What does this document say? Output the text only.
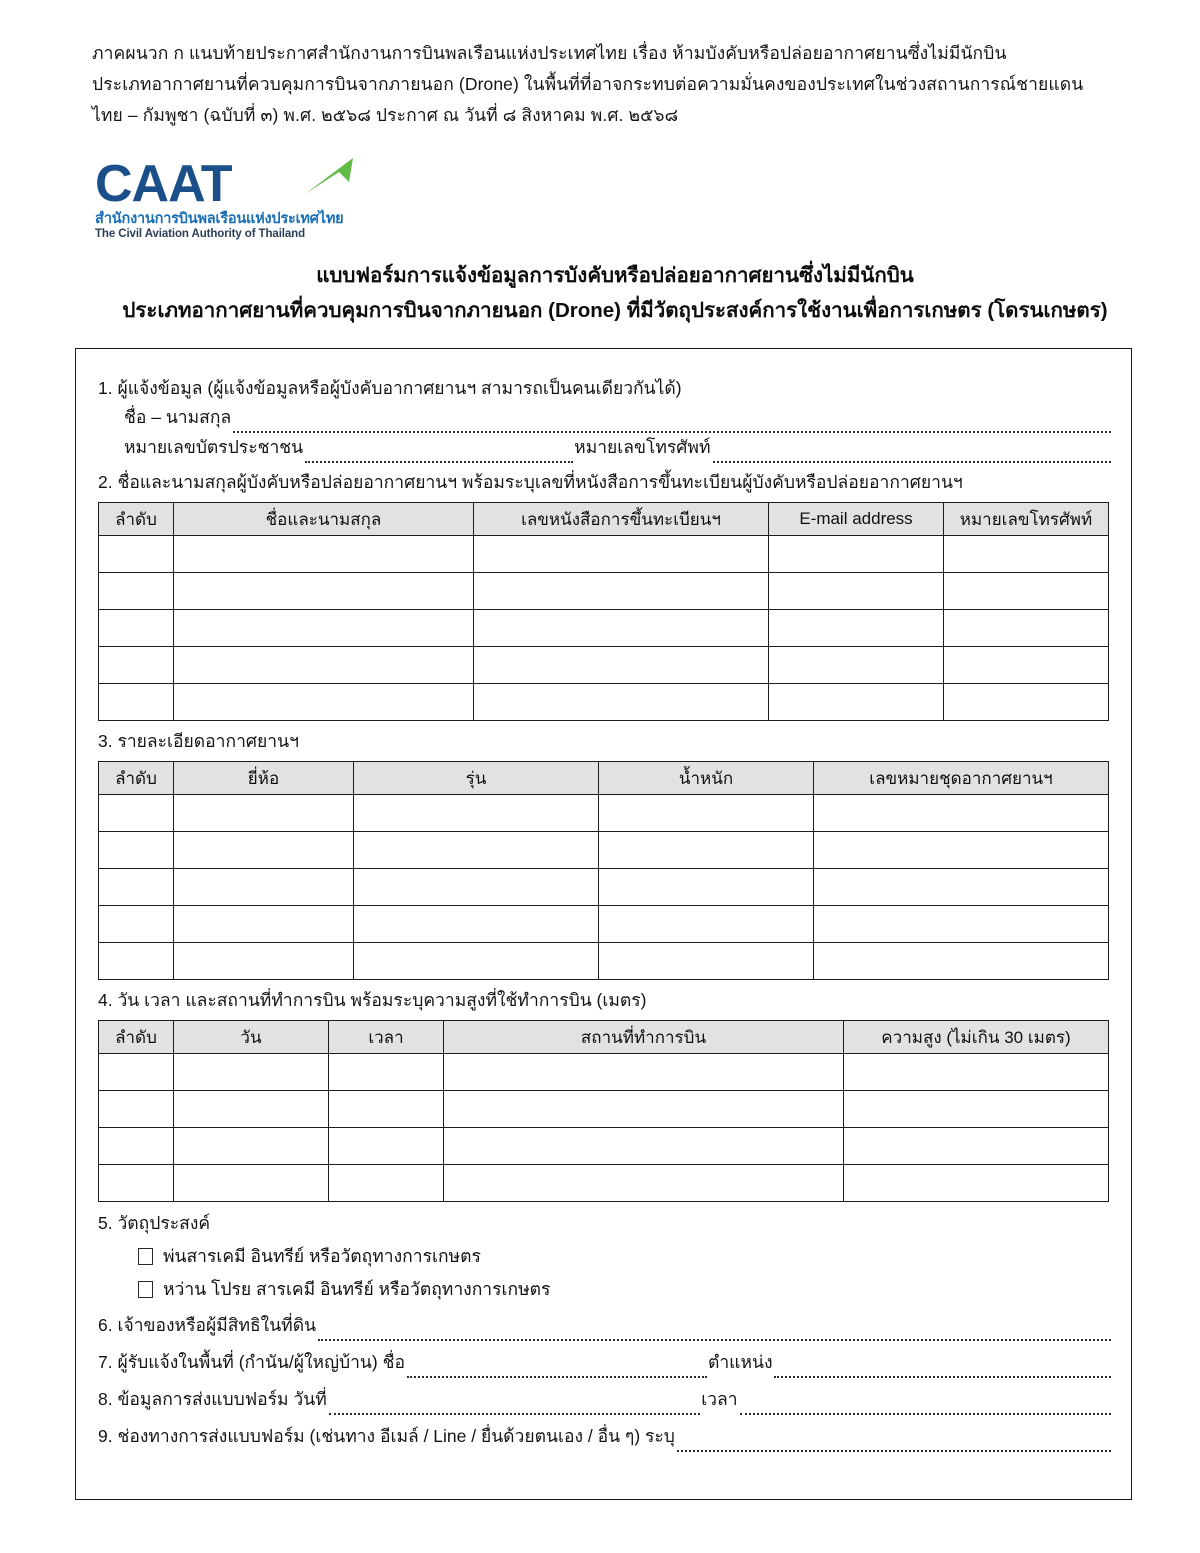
ภาคผนวก ก แนบท้ายประกาศสำนักงานการบินพลเรือนแห่งประเทศไทย เรื่อง ห้ามบังคับหรือปล่อยอากาศยานซึ่งไม่มีนักบิน

ประเภทอากาศยานที่ควบคุมการบินจากภายนอก (Drone) ในพื้นที่ที่อาจกระทบต่อความมั่นคงของประเทศในช่วงสถานการณ์ชายแดน

ไทย – กัมพูชา (ฉบับที่ ๓) พ.ศ. ๒๕๖๘ ประกาศ ณ วันที่ ๘ สิงหาคม พ.ศ. ๒๕๖๘

CAAT
สำนักงานการบินพลเรือนแห่งประเทศไทย
The Civil Aviation Authority of Thailand
แบบฟอร์มการแจ้งข้อมูลการบังคับหรือปล่อยอากาศยานซึ่งไม่มีนักบิน
ประเภทอากาศยานที่ควบคุมการบินจากภายนอก (Drone) ที่มีวัตถุประสงค์การใช้งานเพื่อการเกษตร (โดรนเกษตร)
1. ผู้แจ้งข้อมูล (ผู้แจ้งข้อมูลหรือผู้บังคับอากาศยานฯ สามารถเป็นคนเดียวกันได้)
ชื่อ – นามสกุล
หมายเลขบัตรประชาชน	หมายเลขโทรศัพท์
2. ชื่อและนามสกุลผู้บังคับหรือปล่อยอากาศยานฯ พร้อมระบุเลขที่หนังสือการขึ้นทะเบียนผู้บังคับหรือปล่อยอากาศยานฯ
ลำดับ	ชื่อและนามสกุล	เลขหนังสือการขึ้นทะเบียนฯ	E-mail address	หมายเลขโทรศัพท์

3. รายละเอียดอากาศยานฯ
ลำดับ	ยี่ห้อ	รุ่น	น้ำหนัก	เลขหมายชุดอากาศยานฯ

4. วัน เวลา และสถานที่ทำการบิน พร้อมระบุความสูงที่ใช้ทำการบิน (เมตร)
ลำดับ	วัน	เวลา	สถานที่ทำการบิน	ความสูง (ไม่เกิน 30 เมตร)

5. วัตถุประสงค์
พ่นสารเคมี อินทรีย์ หรือวัตถุทางการเกษตร
หว่าน โปรย สารเคมี อินทรีย์ หรือวัตถุทางการเกษตร
6. เจ้าของหรือผู้มีสิทธิในที่ดิน
7. ผู้รับแจ้งในพื้นที่ (กำนัน/ผู้ใหญ่บ้าน) ชื่อ	ตำแหน่ง
8. ข้อมูลการส่งแบบฟอร์ม วันที่	เวลา
9. ช่องทางการส่งแบบฟอร์ม (เช่นทาง อีเมล์ / Line / ยื่นด้วยตนเอง / อื่น ๆ) ระบุ
